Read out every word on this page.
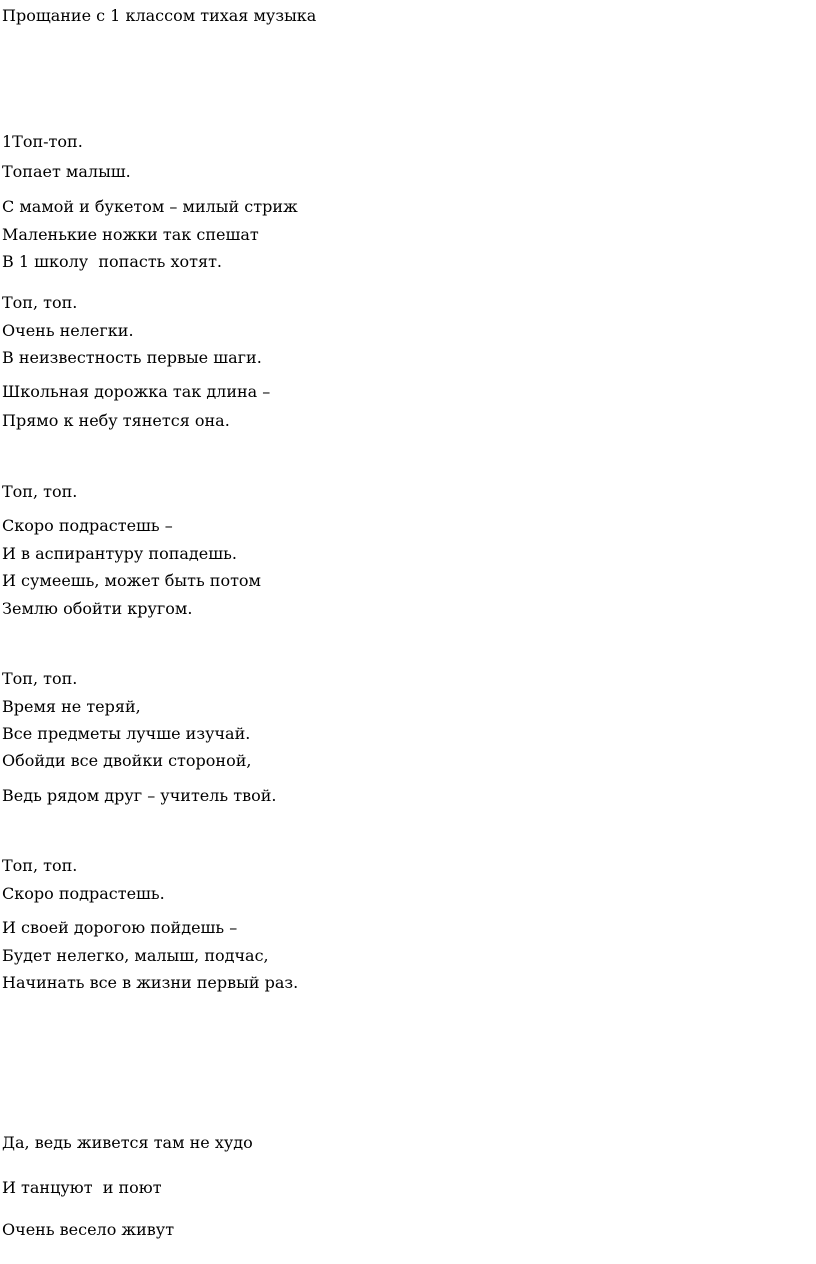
Прощание с 1 классом тихая музыка
1Топ-топ.
Топает малыш.
С мамой и букетом – милый стриж
Маленькие ножки так спешат
В 1 школу  попасть хотят.
Топ, топ.
Очень нелегки.
В неизвестность первые шаги.
Школьная дорожка так длина –
Прямо к небу тянется она.
Топ, топ.
Скоро подрастешь –
И в аспирантуру попадешь.
И сумеешь, может быть потом
Землю обойти кругом.
Топ, топ.
Время не теряй,
Все предметы лучше изучай.
Обойди все двойки стороной,
Ведь рядом друг – учитель твой.
Топ, топ.
Скоро подрастешь.
И своей дорогою пойдешь –
Будет нелегко, малыш, подчас,
Начинать все в жизни первый раз.
Да, ведь живется там не худо
И танцуют  и поют
Очень весело живут
